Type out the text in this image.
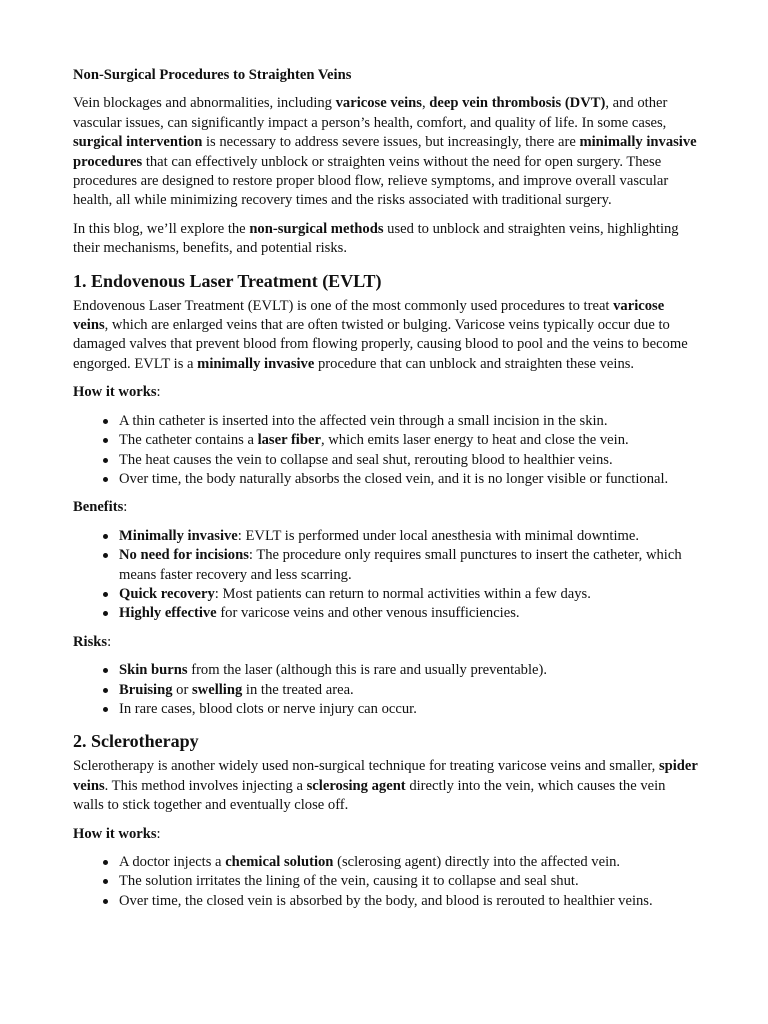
Non-Surgical Procedures to Straighten Veins

Vein blockages and abnormalities, including varicose veins, deep vein thrombosis (DVT), and other vascular issues, can significantly impact a person’s health, comfort, and quality of life. In some cases, surgical intervention is necessary to address severe issues, but increasingly, there are minimally invasive procedures that can effectively unblock or straighten veins without the need for open surgery. These procedures are designed to restore proper blood flow, relieve symptoms, and improve overall vascular health, all while minimizing recovery times and the risks associated with traditional surgery.

In this blog, we’ll explore the non-surgical methods used to unblock and straighten veins, highlighting their mechanisms, benefits, and potential risks.

1. Endovenous Laser Treatment (EVLT)

Endovenous Laser Treatment (EVLT) is one of the most commonly used procedures to treat varicose veins, which are enlarged veins that are often twisted or bulging. Varicose veins typically occur due to damaged valves that prevent blood from flowing properly, causing blood to pool and the veins to become engorged. EVLT is a minimally invasive procedure that can unblock and straighten these veins.

How it works:

A thin catheter is inserted into the affected vein through a small incision in the skin.
The catheter contains a laser fiber, which emits laser energy to heat and close the vein.
The heat causes the vein to collapse and seal shut, rerouting blood to healthier veins.
Over time, the body naturally absorbs the closed vein, and it is no longer visible or functional.

Benefits:

Minimally invasive: EVLT is performed under local anesthesia with minimal downtime.
No need for incisions: The procedure only requires small punctures to insert the catheter, which means faster recovery and less scarring.
Quick recovery: Most patients can return to normal activities within a few days.
Highly effective for varicose veins and other venous insufficiencies.

Risks:

Skin burns from the laser (although this is rare and usually preventable).
Bruising or swelling in the treated area.
In rare cases, blood clots or nerve injury can occur.
2. Sclerotherapy

Sclerotherapy is another widely used non-surgical technique for treating varicose veins and smaller, spider veins. This method involves injecting a sclerosing agent directly into the vein, which causes the vein walls to stick together and eventually close off.

How it works:

A doctor injects a chemical solution (sclerosing agent) directly into the affected vein.
The solution irritates the lining of the vein, causing it to collapse and seal shut.
Over time, the closed vein is absorbed by the body, and blood is rerouted to healthier veins.
